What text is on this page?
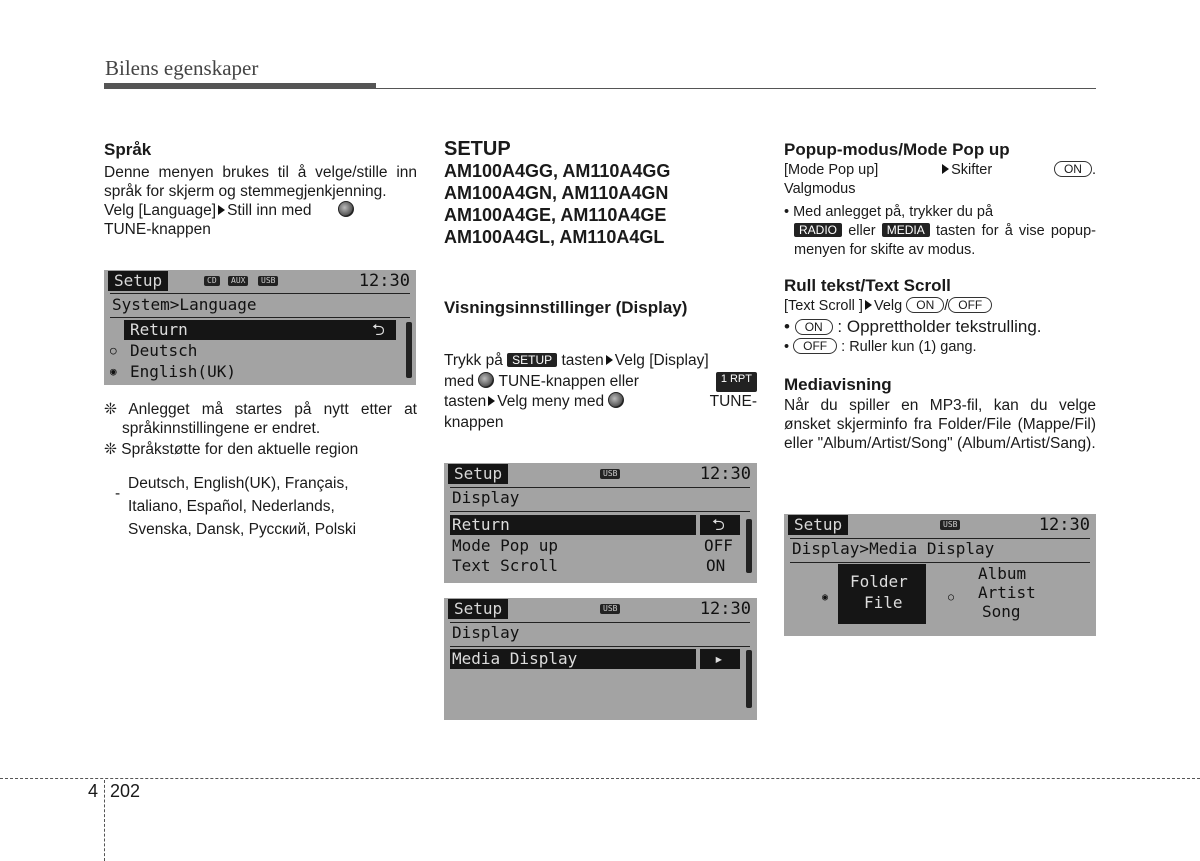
Bilens egenskaper
Språk

Denne menyen brukes til å velge/stille inn språk for skjerm og stemmegjenkjenning.

Velg [Language] Still inn med
TUNE-knappen

Setup	CD	AUX	USB	12:30
System>Language
Return	⮌
○ Deutsch
◉ English(UK)

❊ Anlegget må startes på nytt etter at språkinnstillingene er endret.

❊ Språkstøtte for den aktuelle region

-
Deutsch, English(UK), Français,
Italiano, Español, Nederlands,
Svenska, Dansk, Русский, Polski
SETUP
AM100A4GG, AM110A4GG
AM100A4GN, AM110A4GN
AM100A4GE, AM110A4GE
AM100A4GL, AM110A4GL
Visningsinnstillinger (Display)
Trykk på SETUP tasten Velg [Display]
med TUNE-knappen eller	1 RPT
tasten Velg meny med	TUNE-
knappen
Setup	USB	12:30
Display
Return	⮌
Mode Pop up	OFF
Text Scroll	ON
Setup	USB	12:30
Display
Media Display	▸
Popup-modus/Mode Pop up
[Mode Pop up]	Skifter	ON .
Valgmodus
• Med anlegget på, trykker du på
RADIO eller MEDIA tasten for å vise popup-menyen for skifte av modus.
Rull tekst/Text Scroll
[Text Scroll ] Velg ON / OFF
• ON : Opprettholder tekstrulling.
• OFF : Ruller kun (1) gang.
Mediavisning

Når du spiller en MP3-fil, kan du velge ønsket skjerminfo fra Folder/File (Mappe/Fil) eller "Album/Artist/Song" (Album/Artist/Sang).

Setup	USB	12:30
Display>Media Display
◉
Folder
File	○
Album
Artist
Song
4 202
